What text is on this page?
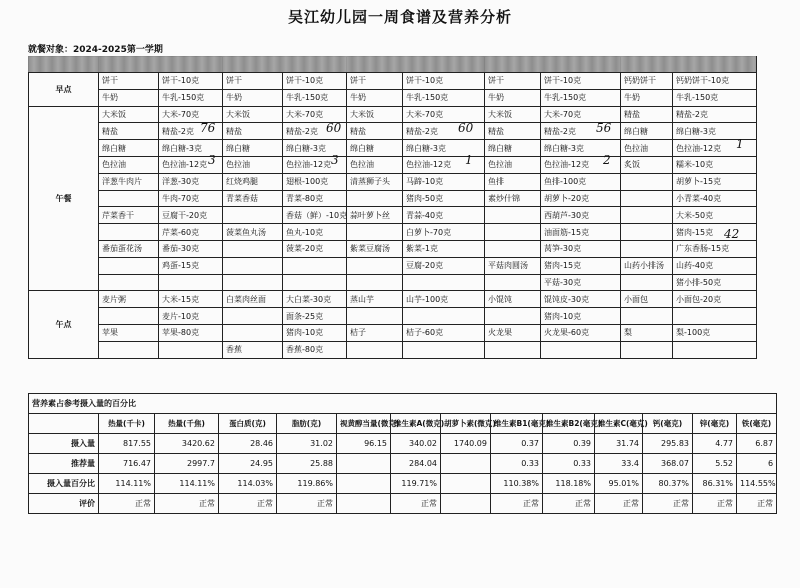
吴江幼儿园一周食谱及营养分析
就餐对象：2024-2025第一学期

早点	饼干	饼干-10克	饼干	饼干-10克	饼干	饼干-10克	饼干	饼干-10克	钙奶饼干	钙奶饼干-10克
	牛奶	牛乳-150克	牛奶	牛乳-150克	牛奶	牛乳-150克	牛奶	牛乳-150克	牛奶	牛乳-150克
午餐	大米饭	大米-70克	大米饭	大米-70克	大米饭	大米-70克	大米饭	大米-70克	精盐	精盐-2克
	精盐	精盐-2克	精盐	精盐-2克	精盐	精盐-2克	精盐	精盐-2克	绵白糖	绵白糖-3克
	绵白糖	绵白糖-3克	绵白糖	绵白糖-3克	绵白糖	绵白糖-3克	绵白糖	绵白糖-3克	色拉油	色拉油-12克
	色拉油	色拉油-12克	色拉油	色拉油-12克	色拉油	色拉油-12克	色拉油	色拉油-12克	炙饭	糯米-10克
	洋葱牛肉片	洋葱-30克	红烧鸡腿	翅根-100克	清蒸狮子头	马蹄-10克	鱼排	鱼排-100克		胡萝卜-15克
		牛肉-70克	青菜香菇	青菜-80克		猪肉-50克	素炒什锦	胡萝卜-20克		小青菜-40克
	芹菜香干	豆腐干-20克		香菇（鲜）-10克	蒜叶萝卜丝	青蒜-40克		西葫芦-30克		大米-50克
		芹菜-60克	菠菜鱼丸汤	鱼丸-10克		白萝卜-70克		油面筋-15克		猪肉-15克
	番茄蛋花汤	番茄-30克		菠菜-20克	紫菜豆腐汤	紫菜-1克		莴笋-30克		广东香肠-15克
		鸡蛋-15克				豆腐-20克	平菇肉圆汤	猪肉-15克	山药小排汤	山药-40克
								平菇-30克		猪小排-50克
午点	麦片粥	大米-15克	白菜肉丝面	大白菜-30克	蒸山芋	山芋-100克	小馄饨	馄饨皮-30克	小面包	小面包-20克
		麦片-10克		面条-25克				猪肉-10克		
	苹果	苹果-80克		猪肉-10克	桔子	桔子-60克	火龙果	火龙果-60克	梨	梨-100克
			香蕉	香蕉-80克						
营养素占参考摄入量的百分比													
	热量(千卡)	热量(千焦)	蛋白质(克)	脂肪(克)	视黄醇当量(微克)	维生素A(微克)	胡萝卜素(微克)	维生素B1(毫克)	维生素B2(毫克)	维生素C(毫克)	钙(毫克)	锌(毫克)	铁(毫克)
摄入量	817.55	3420.62	28.46	31.02	96.15	340.02	1740.09	0.37	0.39	31.74	295.83	4.77	6.87
推荐量	716.47	2997.7	24.95	25.88		284.04		0.33	0.33	33.4	368.07	5.52	6
摄入量百分比	114.11%	114.11%	114.03%	119.86%		119.71%		110.38%	118.18%	95.01%	80.37%	86.31%	114.55%
评价	正常	正常	正常	正常		正常		正常	正常	正常	正常	正常	正常
76	60	60	56
3	3	1	2
1
42
